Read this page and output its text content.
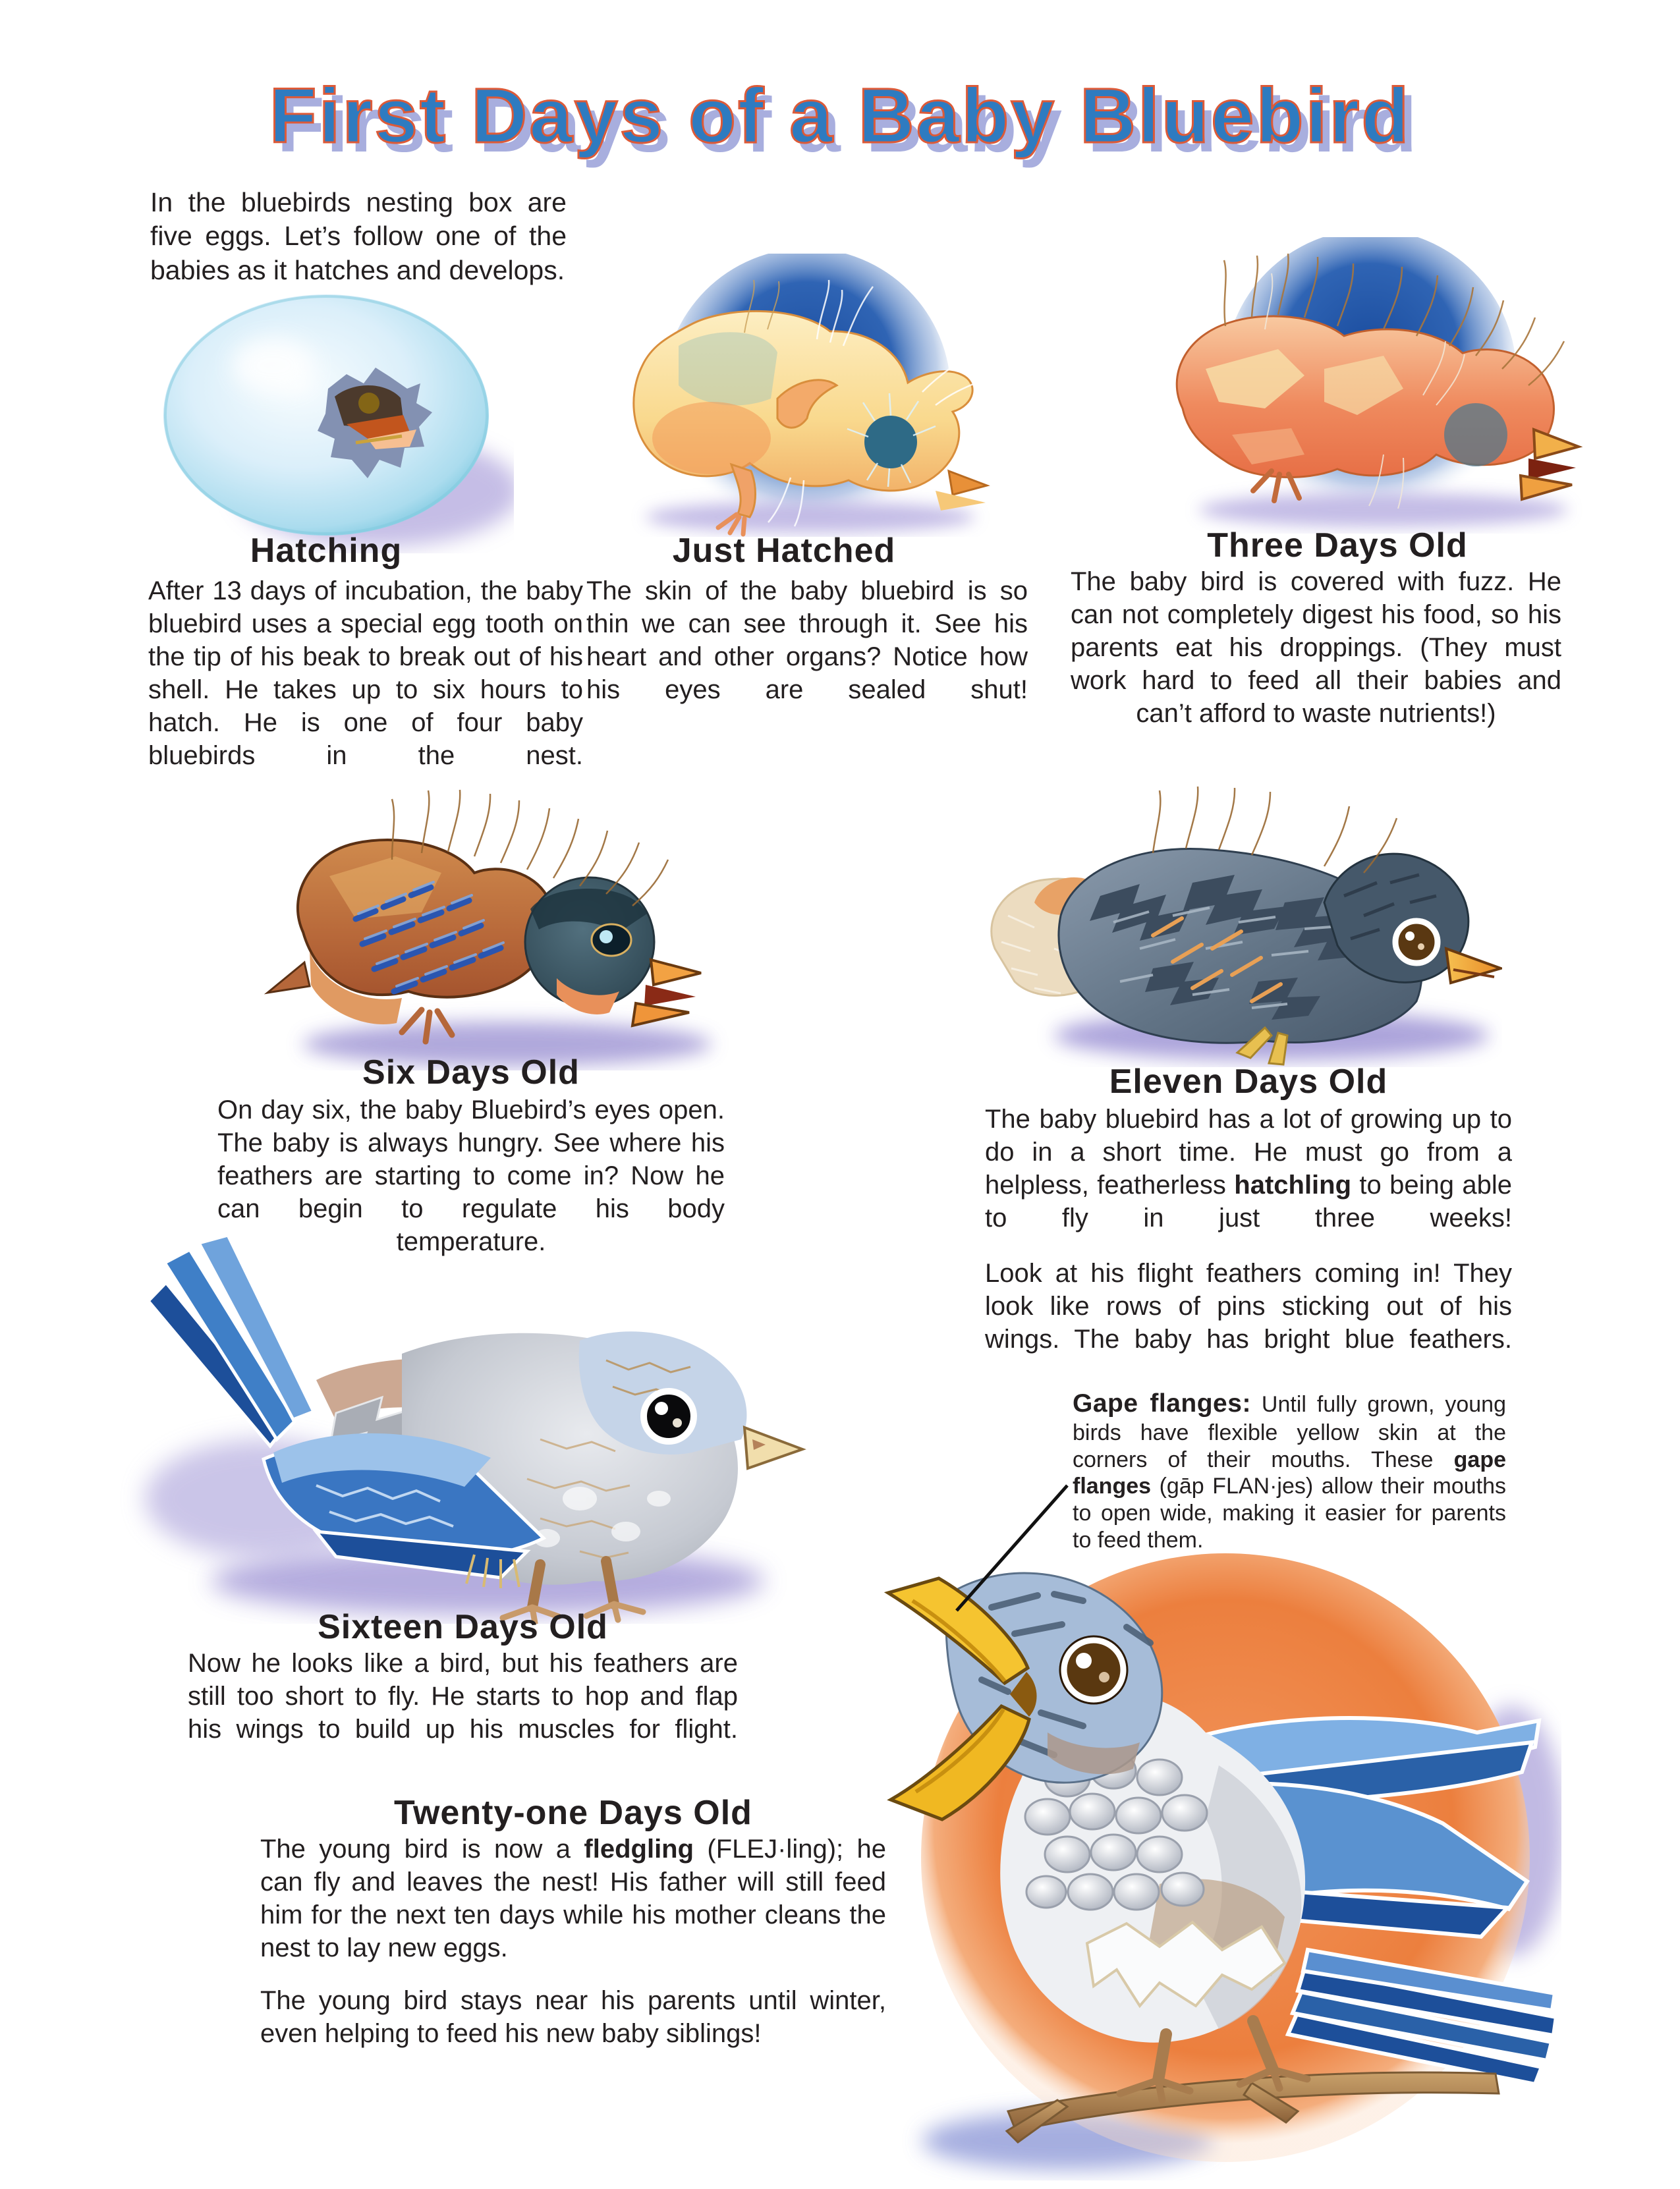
First Days of a Baby Bluebird

In the bluebirds nesting box are five eggs. Let’s follow one of the babies as it hatches and develops.

Hatching

After 13 days of incubation, the baby bluebird uses a special egg tooth on the tip of his beak to break out of his shell. He takes up to six hours to hatch. He is one of four baby bluebirds in the nest.

Just Hatched

The skin of the baby bluebird is so thin we can see through it. See his heart and other organs? Notice how his eyes are sealed shut!

Three Days Old

The baby bird is covered with fuzz. He can not completely digest his food, so his parents eat his droppings. (They must work hard to feed all their babies and can’t afford to waste nutrients!)

Six Days Old

On day six, the baby Bluebird’s eyes open. The baby is always hungry. See where his feathers are starting to come in? Now he can begin to regulate his body temperature.

Eleven Days Old

The baby bluebird has a lot of growing up to do in a short time. He must go from a helpless, featherless hatchling to being able to fly in just three weeks!

Look at his flight feathers coming in! They look like rows of pins sticking out of his wings. The baby has bright blue feathers.

Sixteen Days Old

Now he looks like a bird, but his feathers are still too short to fly. He starts to hop and flap his wings to build up his muscles for flight.

Gape flanges: Until fully grown, young birds have flexible yellow skin at the corners of their mouths. These gape flanges (gāp FLAN·jes) allow their mouths to open wide, making it easier for parents to feed them.

Twenty-one Days Old

The young bird is now a fledgling (FLEJ·ling); he can fly and leaves the nest! His father will still feed him for the next ten days while his mother cleans the nest to lay new eggs.

The young bird stays near his parents until winter, even helping to feed his new baby siblings!
